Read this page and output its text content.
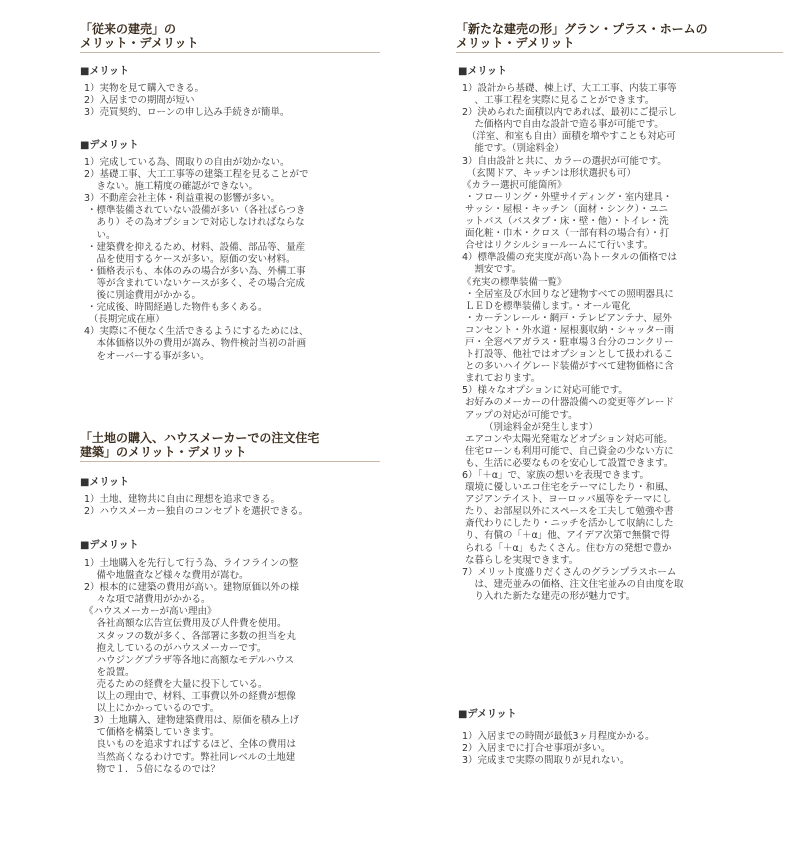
「従来の建売」の
メリット・デメリット
■メリット
1）実物を見て購入できる。
2）入居までの期間が短い
3）売買契約、ローンの申し込み手続きが簡単。
■デメリット
1）完成している為、間取りの自由が効かない。
2）基礎工事、大工工事等の建築工程を見ることがで
　 きない。施工精度の確認ができない。
3）不動産会社主体・利益重視の影響が多い。
・標準装備されていない設備が多い（各社ばらつき
　あり）その為オプションで対応しなければならな
　い。
・建築費を抑えるため、材料、設備、部品等、量産
　品を使用するケースが多い。原価の安い材料。
・価格表示も、本体のみの場合が多い為、外構工事
　等が含まれていないケースが多く、その場合完成
　後に別途費用がかかる。
・完成後、時間経過した物件も多くある。
　（長期完成在庫）
4）実際に不便なく生活できるようにするためには、
　 本体価格以外の費用が嵩み、物件検討当初の計画
　 をオーバーする事が多い。
「土地の購入、ハウスメーカーでの注文住宅
建築」のメリット・デメリット
■メリット
1）土地、建物共に自由に理想を追求できる。
2）ハウスメーカー独自のコンセプトを選択できる。
■デメリット
1）土地購入を先行して行う為、ライフラインの整
　 備や地盤査など様々な費用が嵩む。
2）根本的に建築の費用が高い。建物原価以外の様
　 々な項で諸費用がかかる。
《ハウスメーカーが高い理由》
　 各社高額な広告宣伝費用及び人件費を使用。
　 スタッフの数が多く、各部署に多数の担当を丸
　 抱えしているのがハウスメーカーです。
　 ハウジングプラザ等各地に高額なモデルハウス
　 を設置。
　 売るための経費を大量に投下している。
　 以上の理由で、材料、工事費以外の経費が想像
　 以上にかかっているのです。
　3）土地購入、建物建築費用は、原価を積み上げ
　 て価格を構築していきます。
　 良いものを追求すればするほど、全体の費用は
　 当然高くなるわけです。弊社同レベルの土地建
　 物で１．５倍になるのでは？
「新たな建売の形」グラン・プラス・ホームの
メリット・デメリット
■メリット
1）設計から基礎、棟上げ、大工工事、内装工事等
　 、工事工程を実際に見ることができます。
2）決められた面積以内であれば、最初にご提示し
　 た価格内で自由な設計で造る事が可能です。
　（洋室、和室も自由）面積を増やすことも対応可
　 能です。（別途料金）
3）自由設計と共に、カラーの選択が可能です。
　（玄関ドア、キッチンは形状選択も可）
《カラー選択可能箇所》
・フローリング・外壁サイディング・室内建具・
サッシ・屋根・キッチン（面材・シンク）・ユニ
ットバス（バスタブ・床・壁・他）・トイレ・洗
面化粧・巾木・クロス（一部有料の場合有）・打
合せはリクシルショールームにて行います。
4）標準設備の充実度が高い為トータルの価格では
　 割安です。
《充実の標準装備一覧》
・全居室及び水回りなど建物すべての照明器具に
ＬＥＤを標準装備します。・オール電化
・カーテンレール・網戸・テレビアンテナ、屋外
コンセント・外水道・屋根裏収納・シャッター雨
戸・全窓ペアガラス・駐車場３台分のコンクリー
ト打設等、他社ではオプションとして扱われるこ
との多いハイグレード装備がすべて建物価格に含
まれております。
5）様々なオプションに対応可能です。
お好みのメーカーの什器設備への変更等グレード
アップの対応が可能です。
　　 （別途料金が発生します）
エアコンや太陽光発電などオプション対応可能。
住宅ローンも利用可能で、自己資金の少ない方に
も、生活に必要なものを安心して設置できます。
6）「＋α」で、家族の想いを表現できます。
環境に優しいエコ住宅をテーマにしたり・和風、
アジアンテイスト、ヨーロッパ風等をテーマにし
たり、お部屋以外にスペースを工夫して勉強や書
斎代わりにしたり・ニッチを活かして収納にした
り、有償の「＋α」他、アイデア次第で無償で得
られる「＋α」もたくさん。住む方の発想で豊か
な暮らしを実現できます。
7）メリット度盛りだくさんのグランプラスホーム
　 は、建売並みの価格、注文住宅並みの自由度を取
　 り入れた新たな建売の形が魅力です。
■デメリット
1）入居までの時間が最低3ヶ月程度かかる。
2）入居までに打合せ事項が多い。
3）完成まで実際の間取りが見れない。
